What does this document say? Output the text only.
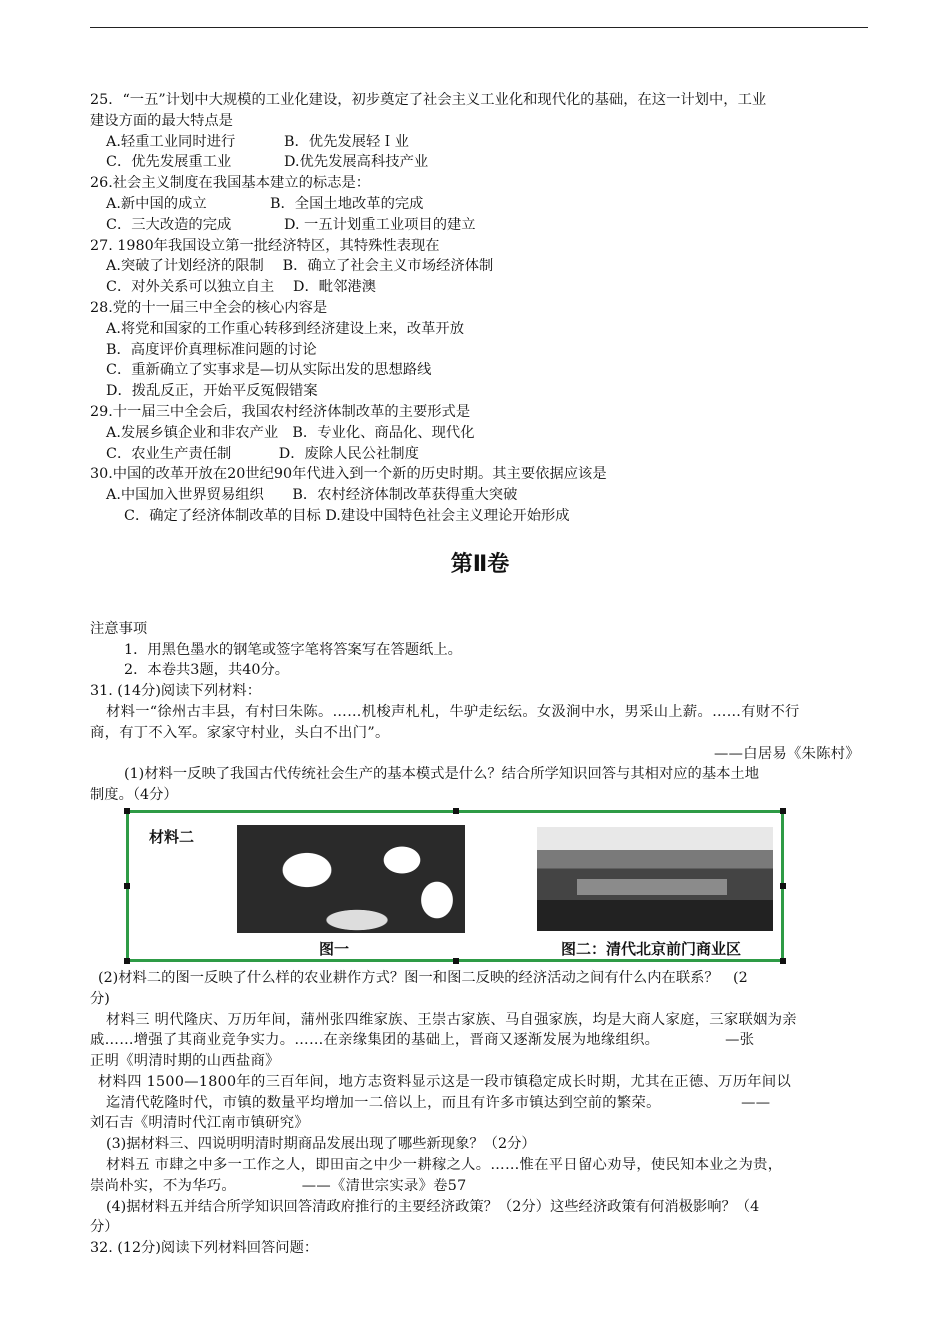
25．“一五”计划中大规模的工业化建设，初步奠定了社会主义工业化和现代化的基础，在这一计划中，工业
建设方面的最大特点是
A.轻重工业同时进行	B．优先发展轻Ｉ业
C．优先发展重工业	D.优先发展高科技产业
26.社会主义制度在我国基本建立的标志是：
A.新中国的成立	B．全国土地改革的完成
C．三大改造的完成	D. 一五计划重工业项目的建立
27. 1980年我国设立第一批经济特区，其特殊性表现在
A.突破了计划经济的限制　 B．确立了社会主义市场经济体制
C．对外关系可以独立自主　 D．毗邻港澳
28.党的十一届三中全会的核心内容是
A.将党和国家的工作重心转移到经济建设上来，改革开放
B．高度评价真理标准问题的讨论
C．重新确立了实事求是—切从实际出发的思想路线
D．拨乱反正，开始平反冤假错案
29.十一届三中全会后，我国农村经济体制改革的主要形式是
A.发展乡镇企业和非农产业　B．专业化、商品化、现代化
C．农业生产责任制　　　 D．废除人民公社制度
30.中国的改革开放在20世纪90年代进入到一个新的历史时期。其主要依据应该是
A.中国加入世界贸易组织　　B．农村经济体制改革获得重大突破
C．确定了经济体制改革的目标 D.建设中国特色社会主义理论开始形成
第Ⅱ卷
注意事项
1．用黑色墨水的钢笔或签字笔将答案写在答题纸上。
2．本卷共3题，共40分。
31. (14分)阅读下列材料：
材料一“徐州古丰县，有村曰朱陈。……机梭声札札，牛驴走纭纭。女汲涧中水，男采山上薪。……有财不行
商，有丁不入军。家家守村业，头白不出门”。
——白居易《朱陈村》
(1)材料一反映了我国古代传统社会生产的基本模式是什么？结合所学知识回答与其相对应的基本土地
制度。（4分）
材料二
图一	图二：清代北京前门商业区
(2)材料二的图一反映了什么样的农业耕作方式？图一和图二反映的经济活动之间有什么内在联系？　(2
分)
材料三 明代隆庆、万历年间，蒲州张四维家族、王崇古家族、马自强家族，均是大商人家庭，三家联姻为亲
戚……增强了其商业竞争实力。……在亲缘集团的基础上，晋商又逐渐发展为地缘组织。　　　　　—张
正明《明清时期的山西盐商》
材料四 1500—1800年的三百年间，地方志资料显示这是一段市镇稳定成长时期，尤其在正德、万历年间以
迄清代乾隆时代，市镇的数量平均增加一二倍以上，而且有许多市镇达到空前的繁荣。　　　　　　——
刘石吉《明清时代江南市镇研究》
(3)据材料三、四说明明清时期商品发展出现了哪些新现象？（2分）
材料五 市肆之中多一工作之人，即田亩之中少一耕稼之人。……惟在平日留心劝导，使民知本业之为贵，
崇尚朴实，不为华巧。　　　　　——《清世宗实录》卷57
(4)据材料五并结合所学知识回答清政府推行的主要经济政策？（2分）这些经济政策有何消极影响？（4
分）
32. (12分)阅读下列材料回答问题：
